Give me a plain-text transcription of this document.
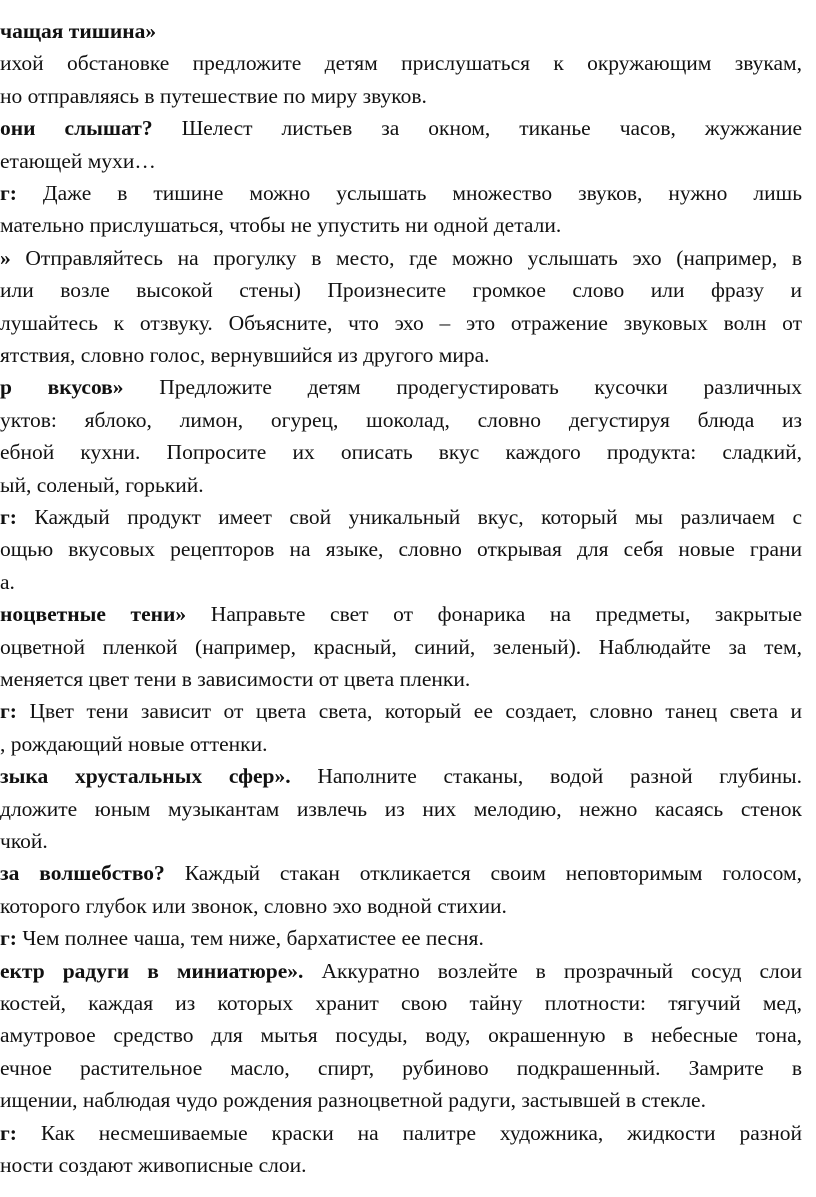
чащая тишина»
ихой обстановке предложите детям прислушаться к окружающим звукам,
но отправляясь в путешествие по миру звуков.
они слышат? Шелест листьев за окном, тиканье часов, жужжание
етающей мухи…
г: Даже в тишине можно услышать множество звуков, нужно лишь
мательно прислушаться, чтобы не упустить ни одной детали.
» Отправляйтесь на прогулку в место, где можно услышать эхо (например, в
или возле высокой стены) Произнесите громкое слово или фразу и
лушайтесь к отзвуку. Объясните, что эхо – это отражение звуковых волн от
ятствия, словно голос, вернувшийся из другого мира.
р вкусов» Предложите детям продегустировать кусочки различных
уктов: яблоко, лимон, огурец, шоколад, словно дегустируя блюда из
ебной кухни. Попросите их описать вкус каждого продукта: сладкий,
ый, соленый, горький.
г: Каждый продукт имеет свой уникальный вкус, который мы различаем с
ощью вкусовых рецепторов на языке, словно открывая для себя новые грани
а.
ноцветные тени» Направьте свет от фонарика на предметы, закрытые
оцветной пленкой (например, красный, синий, зеленый). Наблюдайте за тем,
меняется цвет тени в зависимости от цвета пленки.
г: Цвет тени зависит от цвета света, который ее создает, словно танец света и
, рождающий новые оттенки.
зыка хрустальных сфер». Наполните стаканы, водой разной глубины.
дложите юным музыкантам извлечь из них мелодию, нежно касаясь стенок
чкой.
за волшебство? Каждый стакан откликается своим неповторимым голосом,
которого глубок или звонок, словно эхо водной стихии.
г: Чем полнее чаша, тем ниже, бархатистее ее песня.
ектр радуги в миниатюре». Аккуратно возлейте в прозрачный сосуд слои
костей, каждая из которых хранит свою тайну плотности: тягучий мед,
амутровое средство для мытья посуды, воду, окрашенную в небесные тона,
ечное растительное масло, спирт, рубиново подкрашенный. Замрите в
ищении, наблюдая чудо рождения разноцветной радуги, застывшей в стекле.
г: Как несмешиваемые краски на палитре художника, жидкости разной
ности создают живописные слои.
